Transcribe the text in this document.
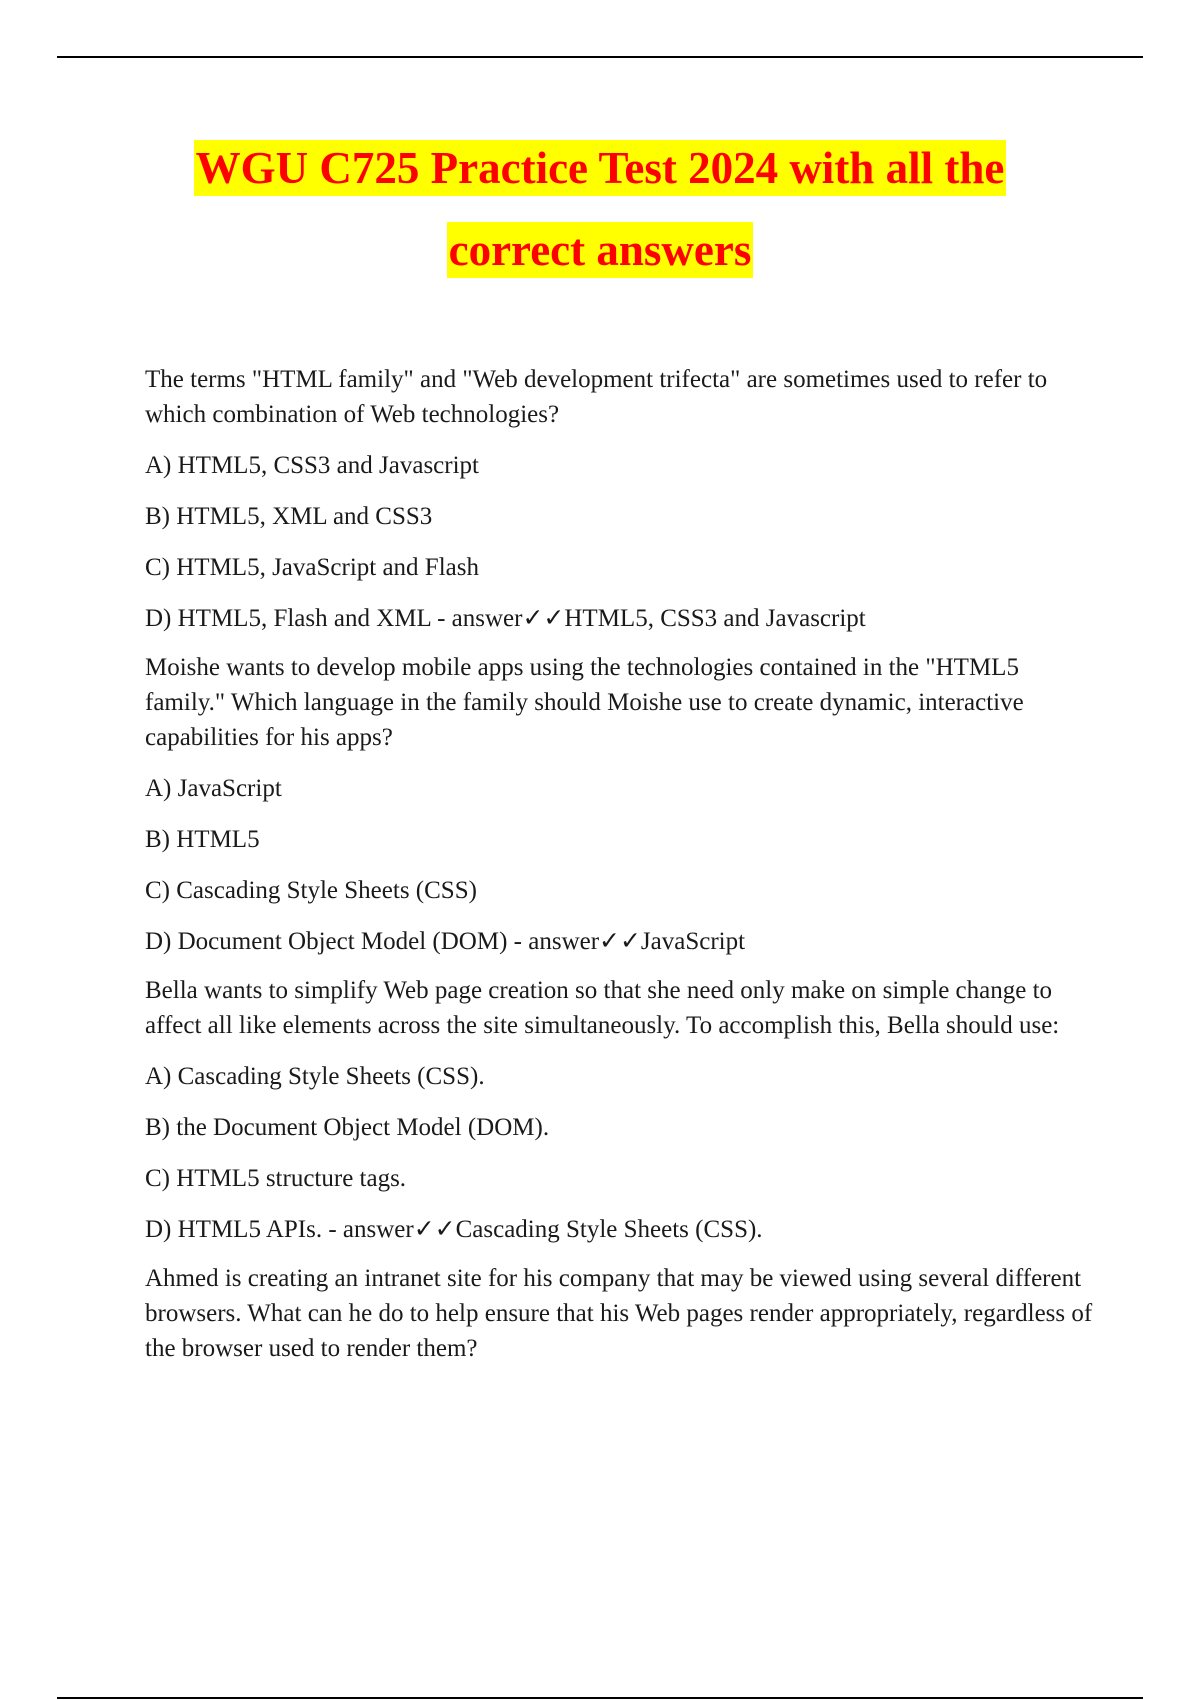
WGU C725 Practice Test 2024 with all the
correct answers

The terms "HTML family" and "Web development trifecta" are sometimes used to refer to which combination of Web technologies?

A) HTML5, CSS3 and Javascript

B) HTML5, XML and CSS3

C) HTML5, JavaScript and Flash

D) HTML5, Flash and XML - answer✓✓HTML5, CSS3 and Javascript

Moishe wants to develop mobile apps using the technologies contained in the "HTML5 family." Which language in the family should Moishe use to create dynamic, interactive capabilities for his apps?

A) JavaScript

B) HTML5

C) Cascading Style Sheets (CSS)

D) Document Object Model (DOM) - answer✓✓JavaScript

Bella wants to simplify Web page creation so that she need only make on simple change to affect all like elements across the site simultaneously. To accomplish this, Bella should use:

A) Cascading Style Sheets (CSS).

B) the Document Object Model (DOM).

C) HTML5 structure tags.

D) HTML5 APIs. - answer✓✓Cascading Style Sheets (CSS).

Ahmed is creating an intranet site for his company that may be viewed using several different browsers. What can he do to help ensure that his Web pages render appropriately, regardless of the browser used to render them?
